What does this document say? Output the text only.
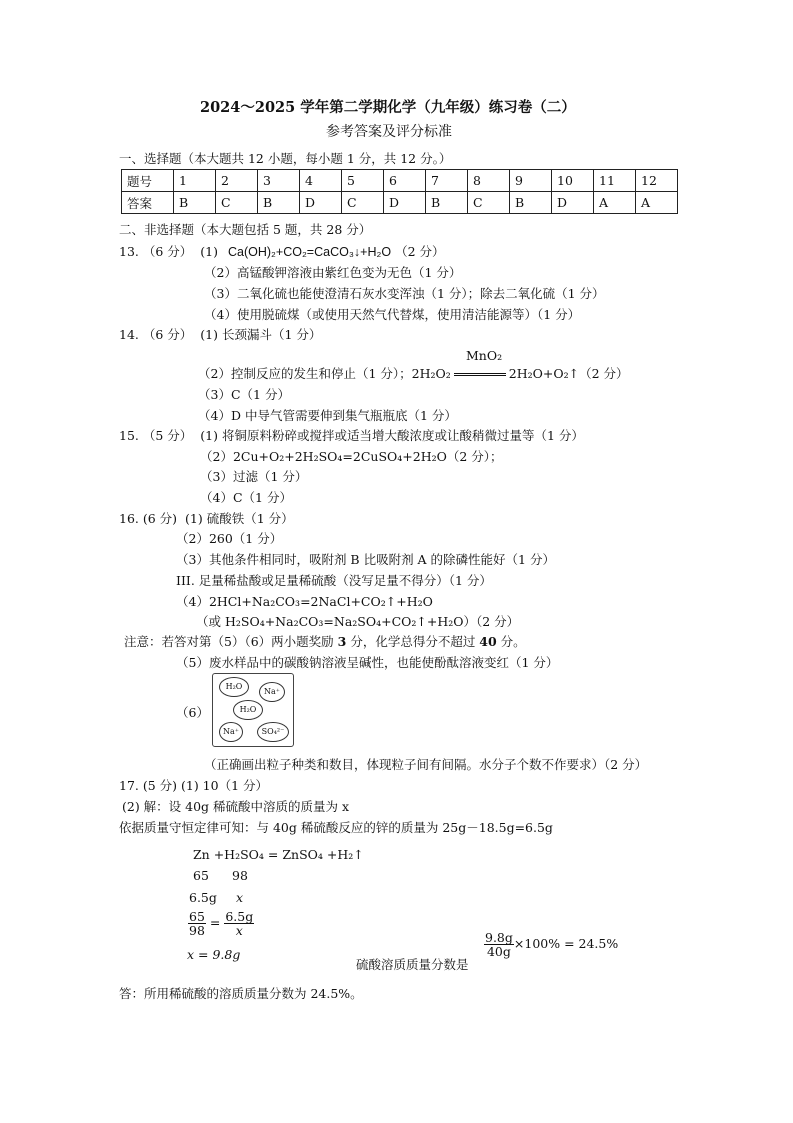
2024～2025 学年第二学期化学（九年级）练习卷（二）
参考答案及评分标准
一、选择题（本大题共 12 小题，每小题 1 分，共 12 分。）
题号	1	2	3	4	5	6	7	8	9	10	11	12
答案	B	C	B	D	C	D	B	C	B	D	A	A
二、非选择题（本大题包括 5 题，共 28 分）
13. （6 分） (1) Ca(OH)₂+CO₂=CaCO₃↓+H₂O （2 分）
（2）高锰酸钾溶液由紫红色变为无色（1 分）
（3）二氧化硫也能使澄清石灰水变浑浊（1 分）；除去二氧化硫（1 分）
（4）使用脱硫煤（或使用天然气代替煤，使用清洁能源等）（1 分）
14. （6 分） (1) 长颈漏斗（1 分）
MnO₂
（2）控制反应的发生和停止（1 分）；2H₂O₂	2H₂O+O₂↑（2 分）
（3）C（1 分）
（4）D 中导气管需要伸到集气瓶瓶底（1 分）
15. （5 分） (1) 将铜原料粉碎或搅拌或适当增大酸浓度或让酸稍微过量等（1 分）
（2）2Cu+O₂+2H₂SO₄=2CuSO₄+2H₂O（2 分）；
（3）过滤（1 分）
（4）C（1 分）
16. (6 分) (1) 硫酸铁（1 分）
（2）260（1 分）
（3）其他条件相同时，吸附剂 B 比吸附剂 A 的除磷性能好（1 分）
III. 足量稀盐酸或足量稀硫酸（没写足量不得分）（1 分）
（4）2HCl+Na₂CO₃=2NaCl+CO₂↑+H₂O
（或 H₂SO₄+Na₂CO₃=Na₂SO₄+CO₂↑+H₂O）（2 分）
注意：若答对第（5）（6）两小题奖励 3 分，化学总得分不超过 40 分。
（5）废水样品中的碳酸钠溶液呈碱性，也能使酚酞溶液变红（1 分）
（6）
H₂O
Na⁺
H₂O
Na⁺	SO₄²⁻
（正确画出粒子种类和数目，体现粒子间有间隔。水分子个数不作要求）（2 分）
17. (5 分) (1) 10（1 分）
(2) 解：设 40g 稀硫酸中溶质的质量为 x
依据质量守恒定律可知：与 40g 稀硫酸反应的锌的质量为 25g－18.5g=6.5g
Zn +H₂SO₄ = ZnSO₄ +H₂↑
65 98
6.5g x
$\frac{65}{98} = \frac{6.5g}{x}$
x = 9.8g
硫酸溶质质量分数是
$\frac{9.8g}{40g} \times 100\% = 24.5\%$
答：所用稀硫酸的溶质质量分数为 24.5%。
